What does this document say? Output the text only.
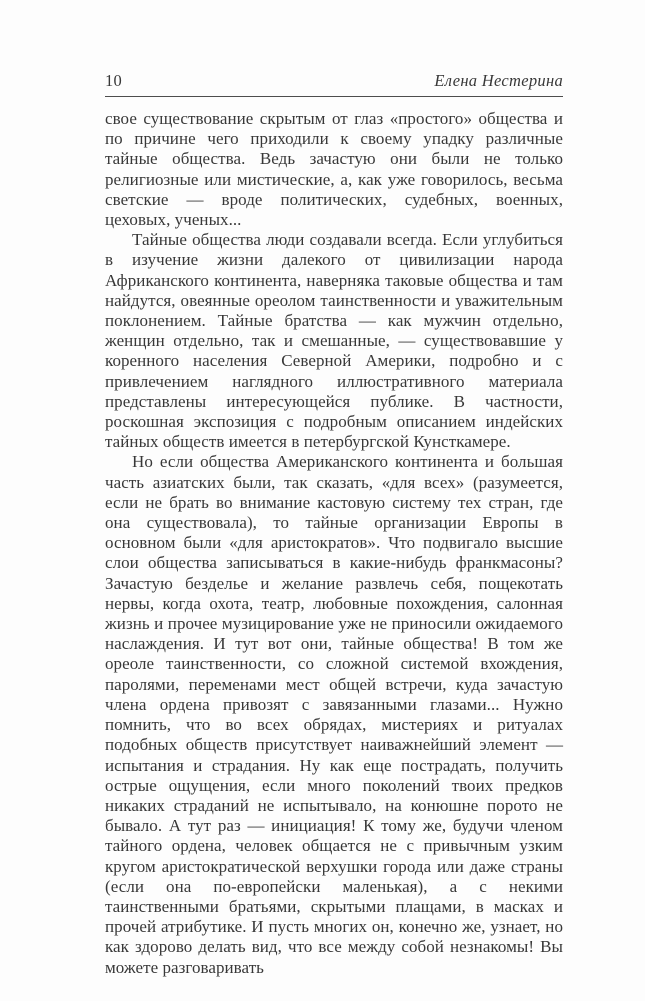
10	Елена Нестерина

свое существование скрытым от глаз «простого» общества и по причине чего приходили к своему упадку различные тайные общества. Ведь зачастую они были не только религиозные или мистические, а, как уже говорилось, весьма светские — вроде политических, судебных, военных, цеховых, ученых...

Тайные общества люди создавали всегда. Если углубиться в изучение жизни далекого от цивилизации народа Африканского континента, наверняка таковые общества и там найдутся, овеянные ореолом таинственности и уважительным поклонением. Тайные братства — как мужчин отдельно, женщин отдельно, так и смешанные, — существовавшие у коренного населения Северной Америки, подробно и с привлечением наглядного иллюстративного материала представлены интересующейся публике. В частности, роскошная экспозиция с подробным описанием индейских тайных обществ имеется в петербургской Кунсткамере.

Но если общества Американского континента и большая часть азиатских были, так сказать, «для всех» (разумеется, если не брать во внимание кастовую систему тех стран, где она существовала), то тайные организации Европы в основном были «для аристократов». Что подвигало высшие слои общества записываться в какие-нибудь франкмасоны? Зачастую безделье и желание развлечь себя, пощекотать нервы, когда охота, театр, любовные похождения, салонная жизнь и прочее музицирование уже не приносили ожидаемого наслаждения. И тут вот они, тайные общества! В том же ореоле таинственности, со сложной системой вхождения, паролями, переменами мест общей встречи, куда зачастую члена ордена привозят с завязанными глазами... Нужно помнить, что во всех обрядах, мистериях и ритуалах подобных обществ присутствует наиважнейший элемент — испытания и страдания. Ну как еще пострадать, получить острые ощущения, если много поколений твоих предков никаких страданий не испытывало, на конюшне порото не бывало. А тут раз — инициация! К тому же, будучи членом тайного ордена, человек общается не с привычным узким кругом аристократической верхушки города или даже страны (если она по-европейски маленькая), а с некими таинственными братьями, скрытыми плащами, в масках и прочей атрибутике. И пусть многих он, конечно же, узнает, но как здорово делать вид, что все между собой незнакомы! Вы можете разговаривать
